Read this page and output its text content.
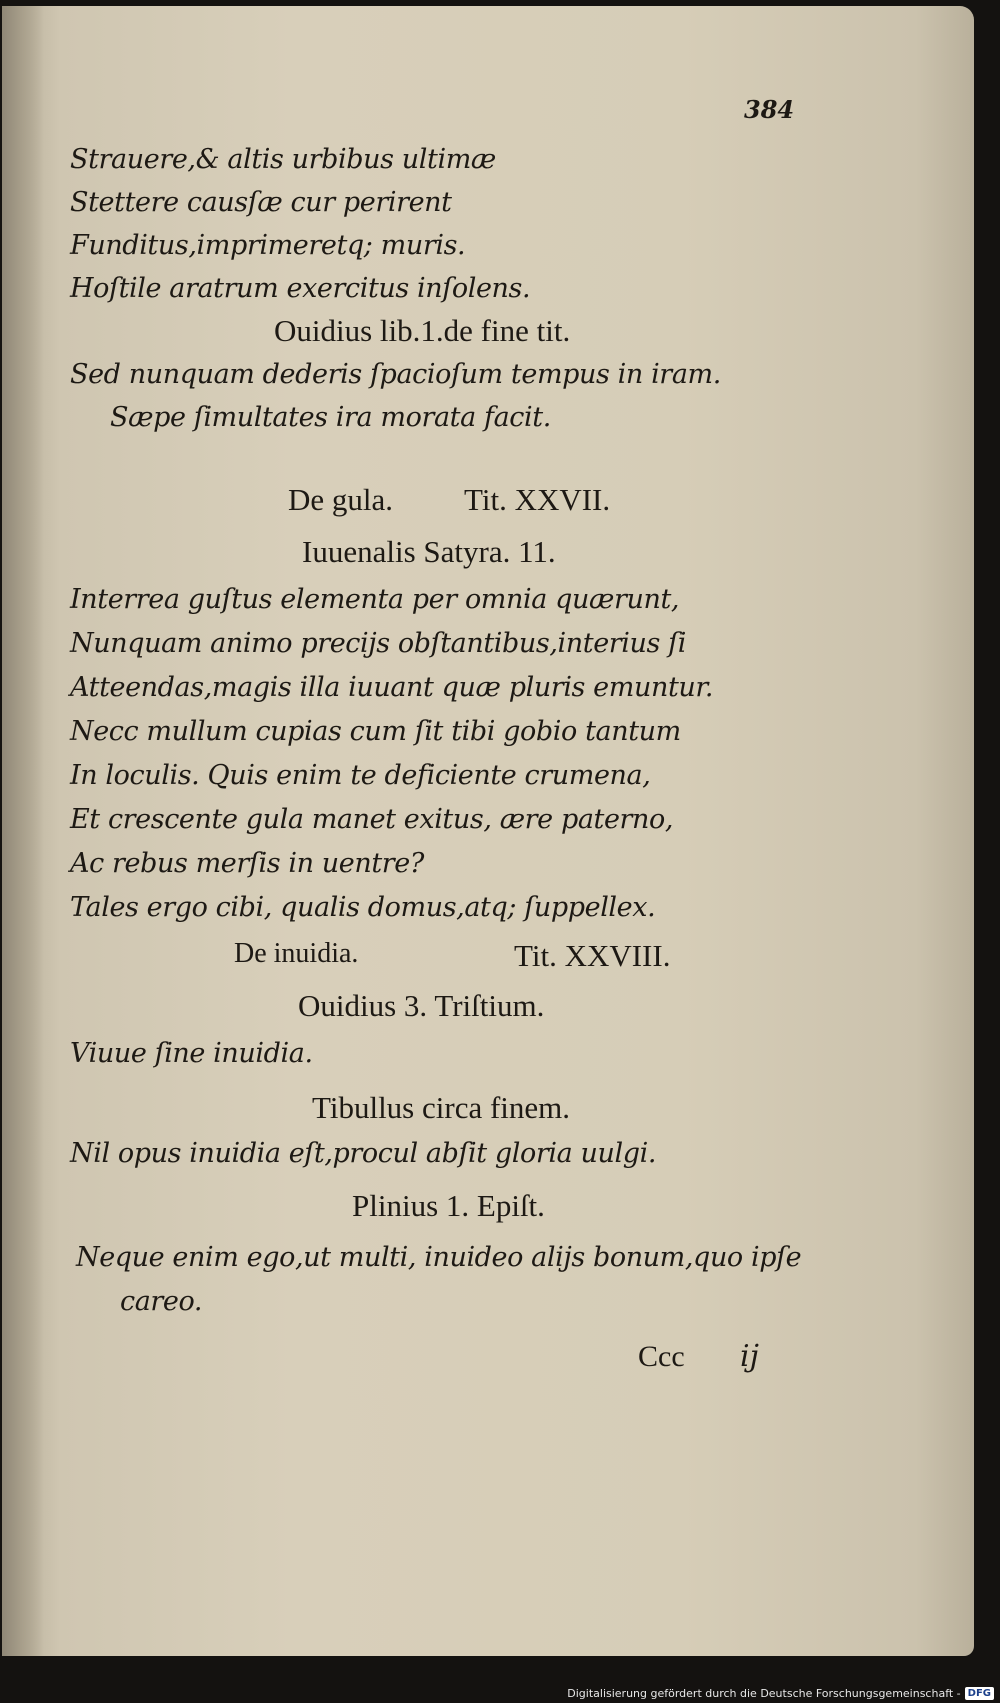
384
Strauere,& altis urbibus ultimæ
Stettere causſæ cur perirent
Funditus,imprimeretq; muris.
Hoſtile aratrum exercitus inſolens.
Ouidius lib.1.de fine tit.
Sed nunquam dederis ſpacioſum tempus in iram.
Sæpe ſimultates ira morata facit.
De gula. Tit. XXVII.
Iuuenalis Satyra. 11.
Interrea guſtus elementa per omnia quærunt,
Nunquam animo precijs obſtantibus,interius ſi
Atteendas,magis illa iuuant quæ pluris emuntur.
Necc mullum cupias cum ſit tibi gobio tantum
In loculis. Quis enim te deficiente crumena,
Et crescente gula manet exitus, ære paterno,
Ac rebus merſis in uentre?
Tales ergo cibi, qualis domus,atq; ſuppellex.
De inuidia.	Tit. XXVIII.
Ouidius 3. Triſtium.
Viuue ſine inuidia.
Tibullus circa finem.
Nil opus inuidia eſt,procul abſit gloria uulgi.
Plinius 1. Epiſt.
Neque enim ego,ut multi, inuideo alijs bonum,quo ipſe
careo.
Ccc ij
Digitalisierung gefördert durch die Deutsche Forschungsgemeinschaft - DFG
